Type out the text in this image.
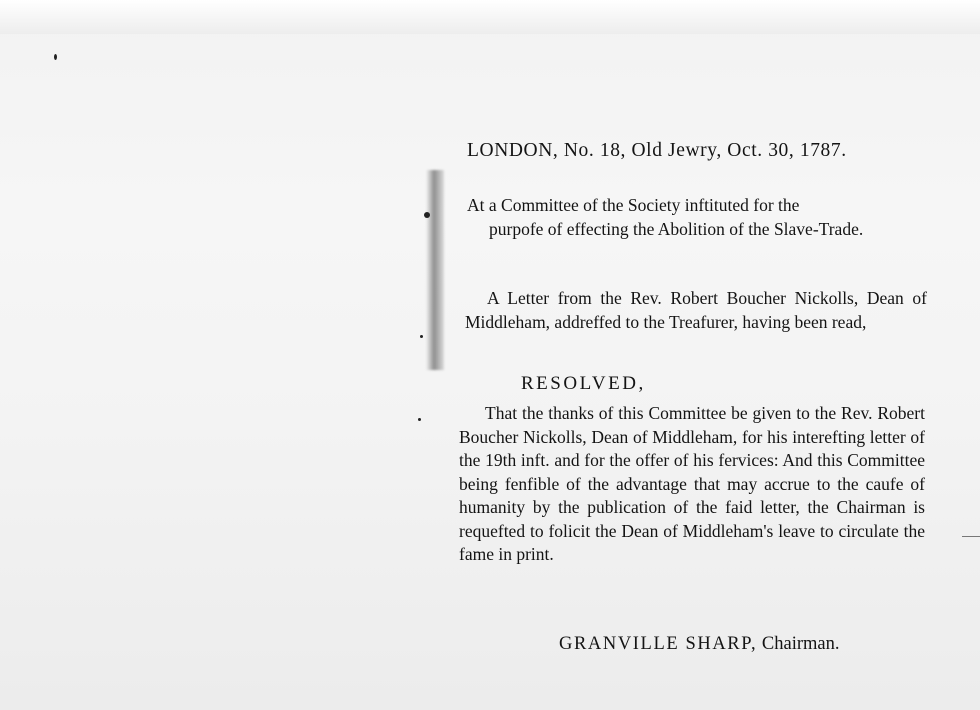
LONDON, No. 18, Old Jewry, Oct. 30, 1787.
At a Committee of the Society inftituted for the
purpofe of effecting the Abolition of the Slave-Trade.
A Letter from the Rev. Robert Boucher Nickolls, Dean of Middleham, addreffed to the Treafurer, having been read,
RESOLVED,
That the thanks of this Committee be given to the Rev. Robert Boucher Nickolls, Dean of Middleham, for his interefting letter of the 19th inft. and for the offer of his fervices: And this Committee being fenfible of the advantage that may accrue to the caufe of humanity by the publication of the faid letter, the Chairman is requefted to folicit the Dean of Middleham's leave to circulate the fame in print.
GRANVILLE SHARP, Chairman.
